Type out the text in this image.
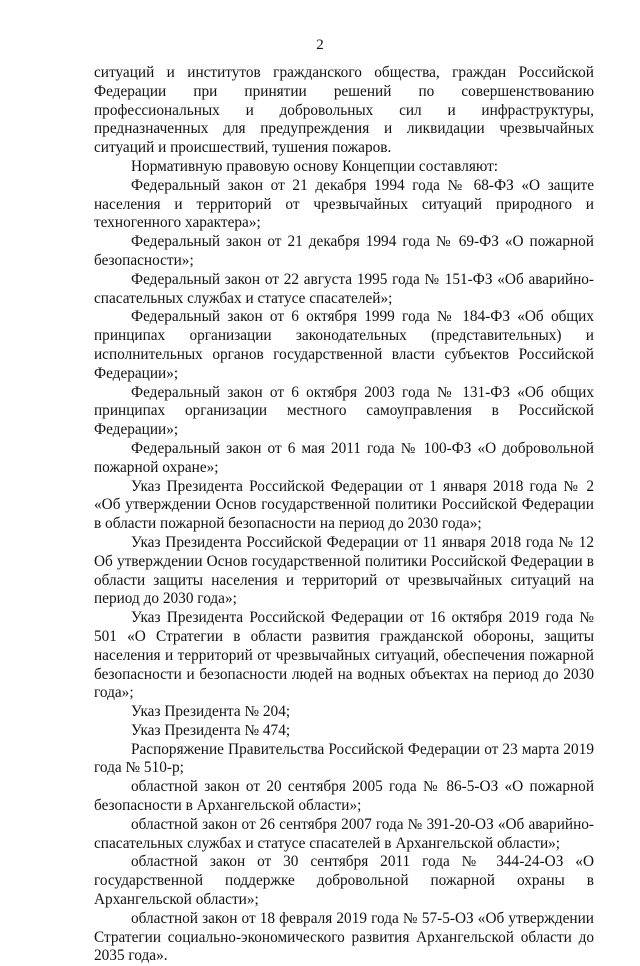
2

ситуаций и институтов гражданского общества, граждан Российской Федерации при принятии решений по совершенствованию профессиональных и добровольных сил и инфраструктуры, предназначенных для предупреждения и ликвидации чрезвычайных ситуаций и происшествий, тушения пожаров.

Нормативную правовую основу Концепции составляют:

Федеральный закон от 21 декабря 1994 года № 68-ФЗ «О защите населения и территорий от чрезвычайных ситуаций природного и техногенного характера»;

Федеральный закон от 21 декабря 1994 года № 69-ФЗ «О пожарной безопасности»;

Федеральный закон от 22 августа 1995 года № 151-ФЗ «Об аварийно-спасательных службах и статусе спасателей»;

Федеральный закон от 6 октября 1999 года № 184-ФЗ «Об общих принципах организации законодательных (представительных) и исполнительных органов государственной власти субъектов Российской Федерации»;

Федеральный закон от 6 октября 2003 года № 131-ФЗ «Об общих принципах организации местного самоуправления в Российской Федерации»;

Федеральный закон от 6 мая 2011 года № 100-ФЗ «О добровольной пожарной охране»;

Указ Президента Российской Федерации от 1 января 2018 года № 2 «Об утверждении Основ государственной политики Российской Федерации в области пожарной безопасности на период до 2030 года»;

Указ Президента Российской Федерации от 11 января 2018 года № 12 Об утверждении Основ государственной политики Российской Федерации в области защиты населения и территорий от чрезвычайных ситуаций на период до 2030 года»;

Указ Президента Российской Федерации от 16 октября 2019 года № 501 «О Стратегии в области развития гражданской обороны, защиты населения и территорий от чрезвычайных ситуаций, обеспечения пожарной безопасности и безопасности людей на водных объектах на период до 2030 года»;

Указ Президента № 204;

Указ Президента № 474;

Распоряжение Правительства Российской Федерации от 23 марта 2019 года № 510-р;

областной закон от 20 сентября 2005 года № 86-5-ОЗ «О пожарной безопасности в Архангельской области»;

областной закон от 26 сентября 2007 года № 391-20-ОЗ «Об аварийно-спасательных службах и статусе спасателей в Архангельской области»;

областной закон от 30 сентября 2011 года № 344-24-ОЗ «О государственной поддержке добровольной пожарной охраны в Архангельской области»;

областной закон от 18 февраля 2019 года № 57-5-ОЗ «Об утверждении Стратегии социально-экономического развития Архангельской области до 2035 года».
